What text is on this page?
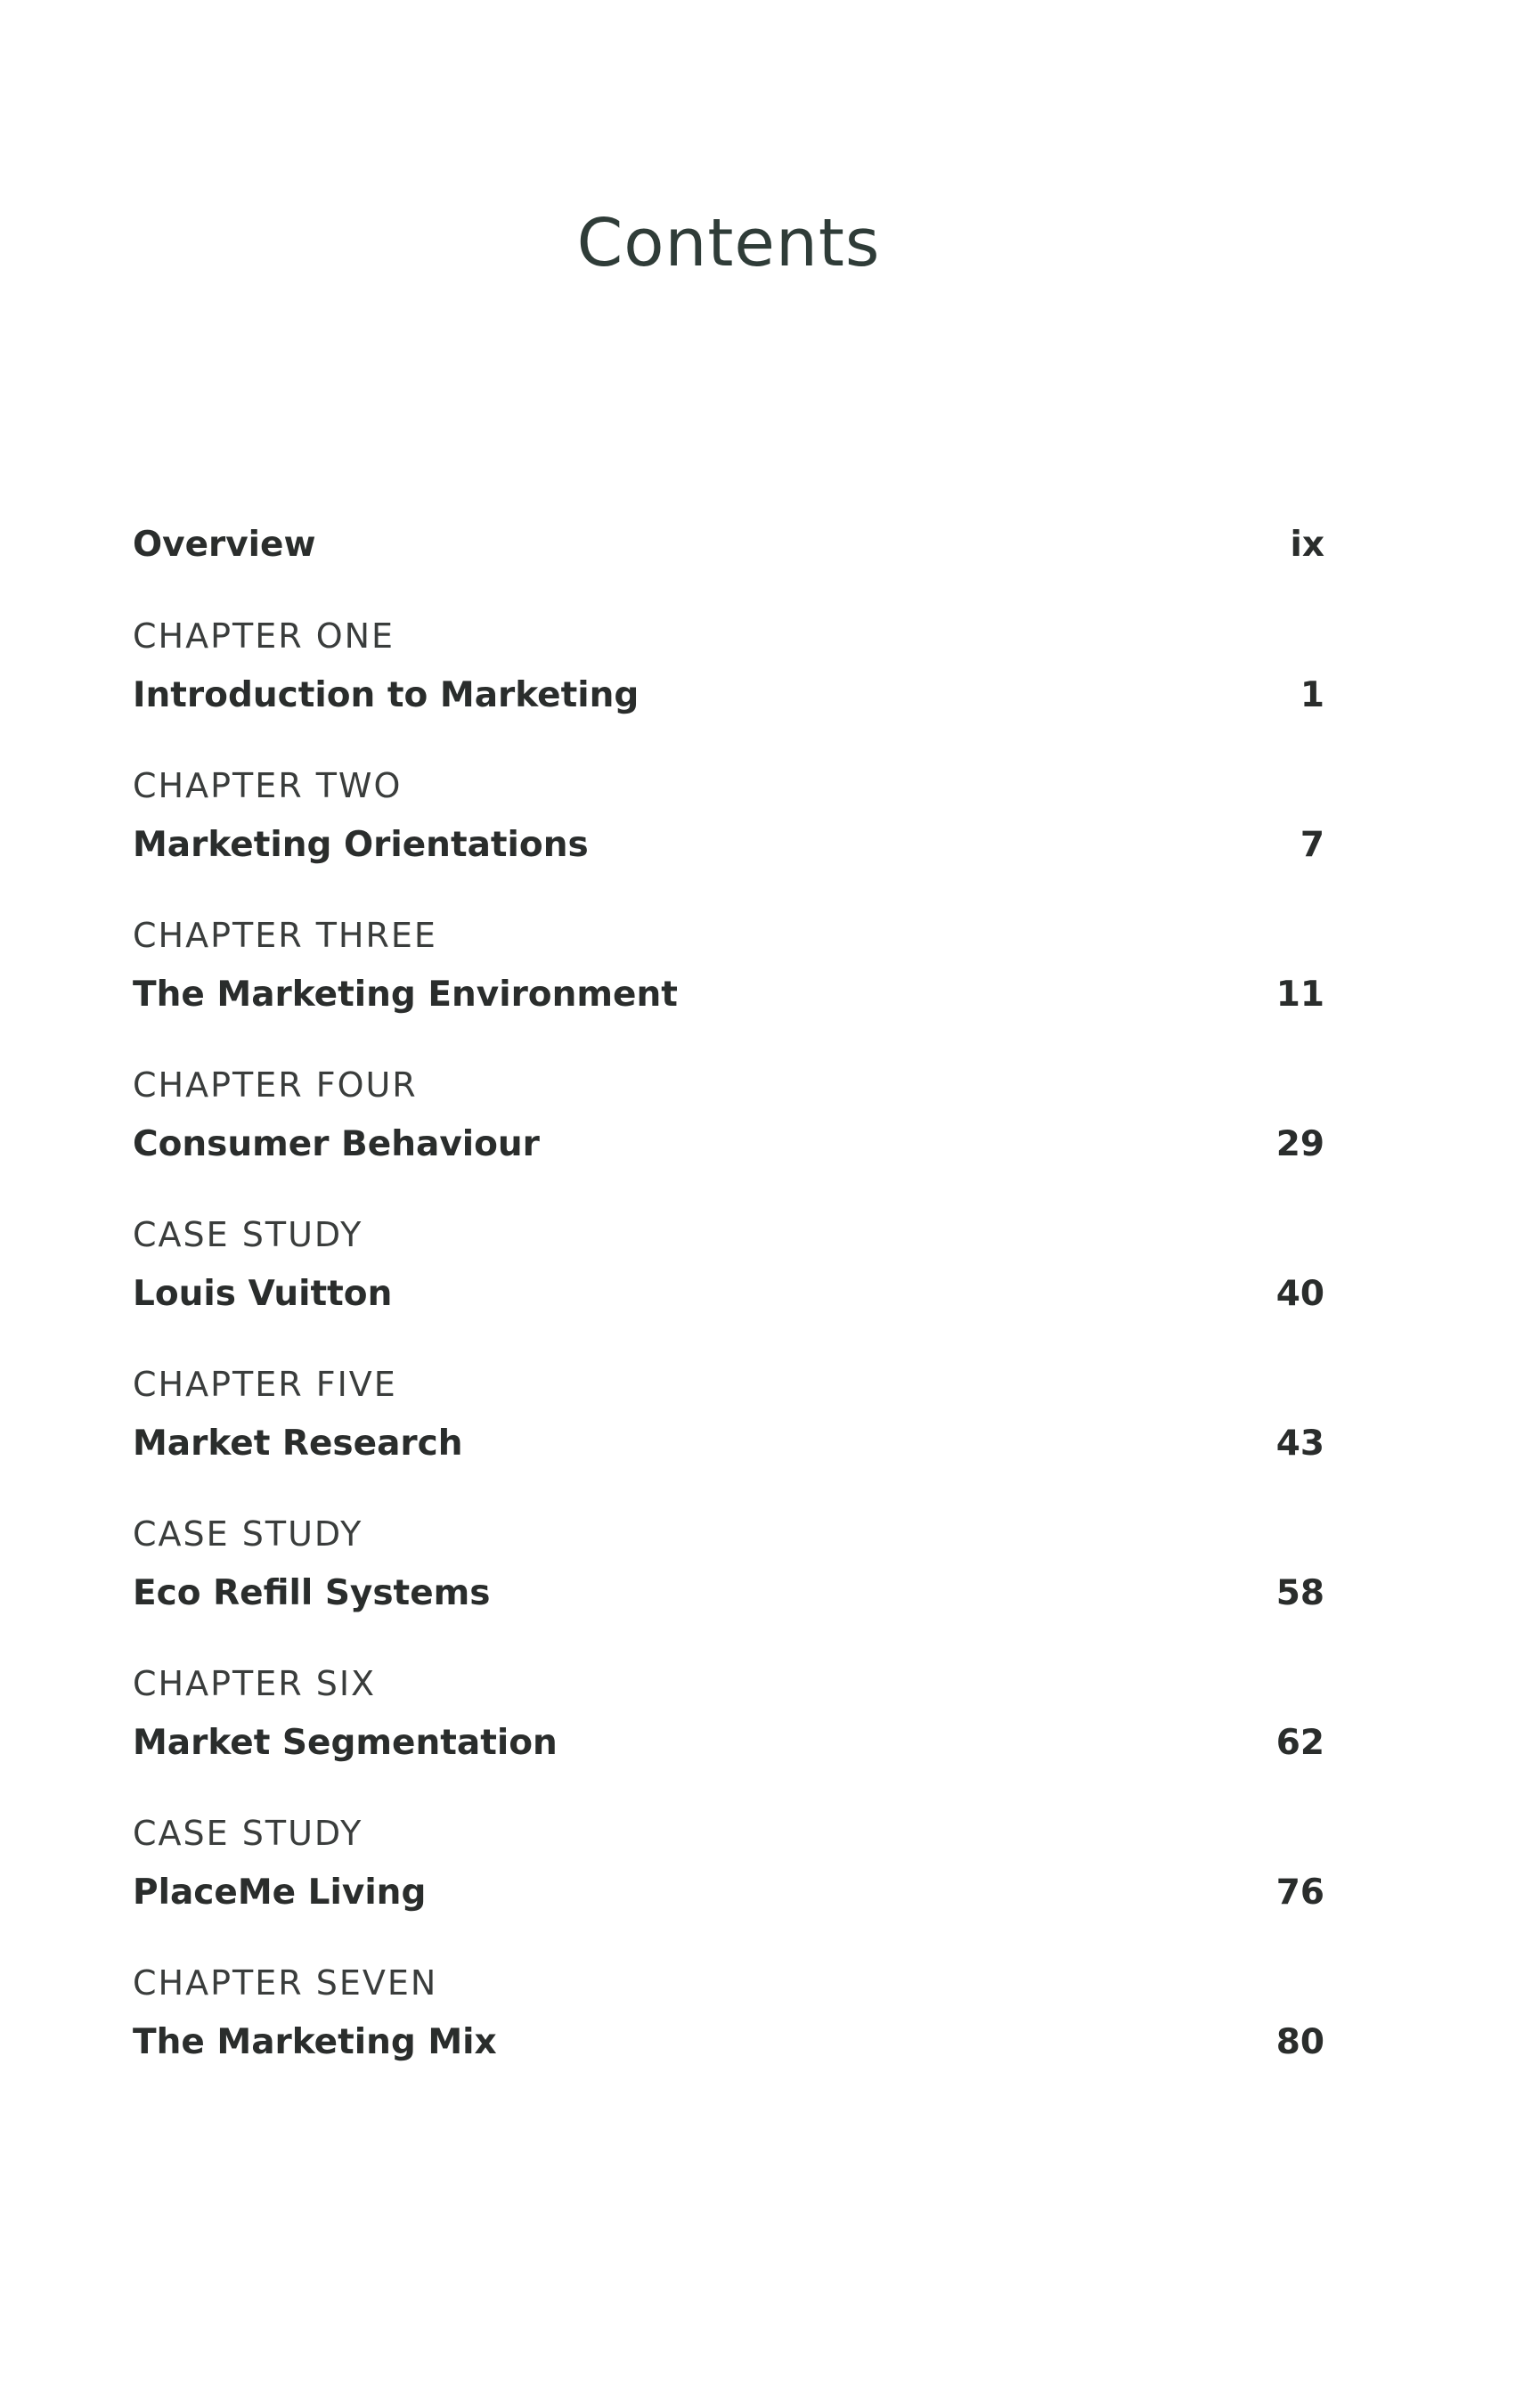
Contents
Overview	ix
CHAPTER ONE
Introduction to Marketing	1
CHAPTER TWO
Marketing Orientations	7
CHAPTER THREE
The Marketing Environment	11
CHAPTER FOUR
Consumer Behaviour	29
CASE STUDY
Louis Vuitton	40
CHAPTER FIVE
Market Research	43
CASE STUDY
Eco Refill Systems	58
CHAPTER SIX
Market Segmentation	62
CASE STUDY
PlaceMe Living	76
CHAPTER SEVEN
The Marketing Mix	80
